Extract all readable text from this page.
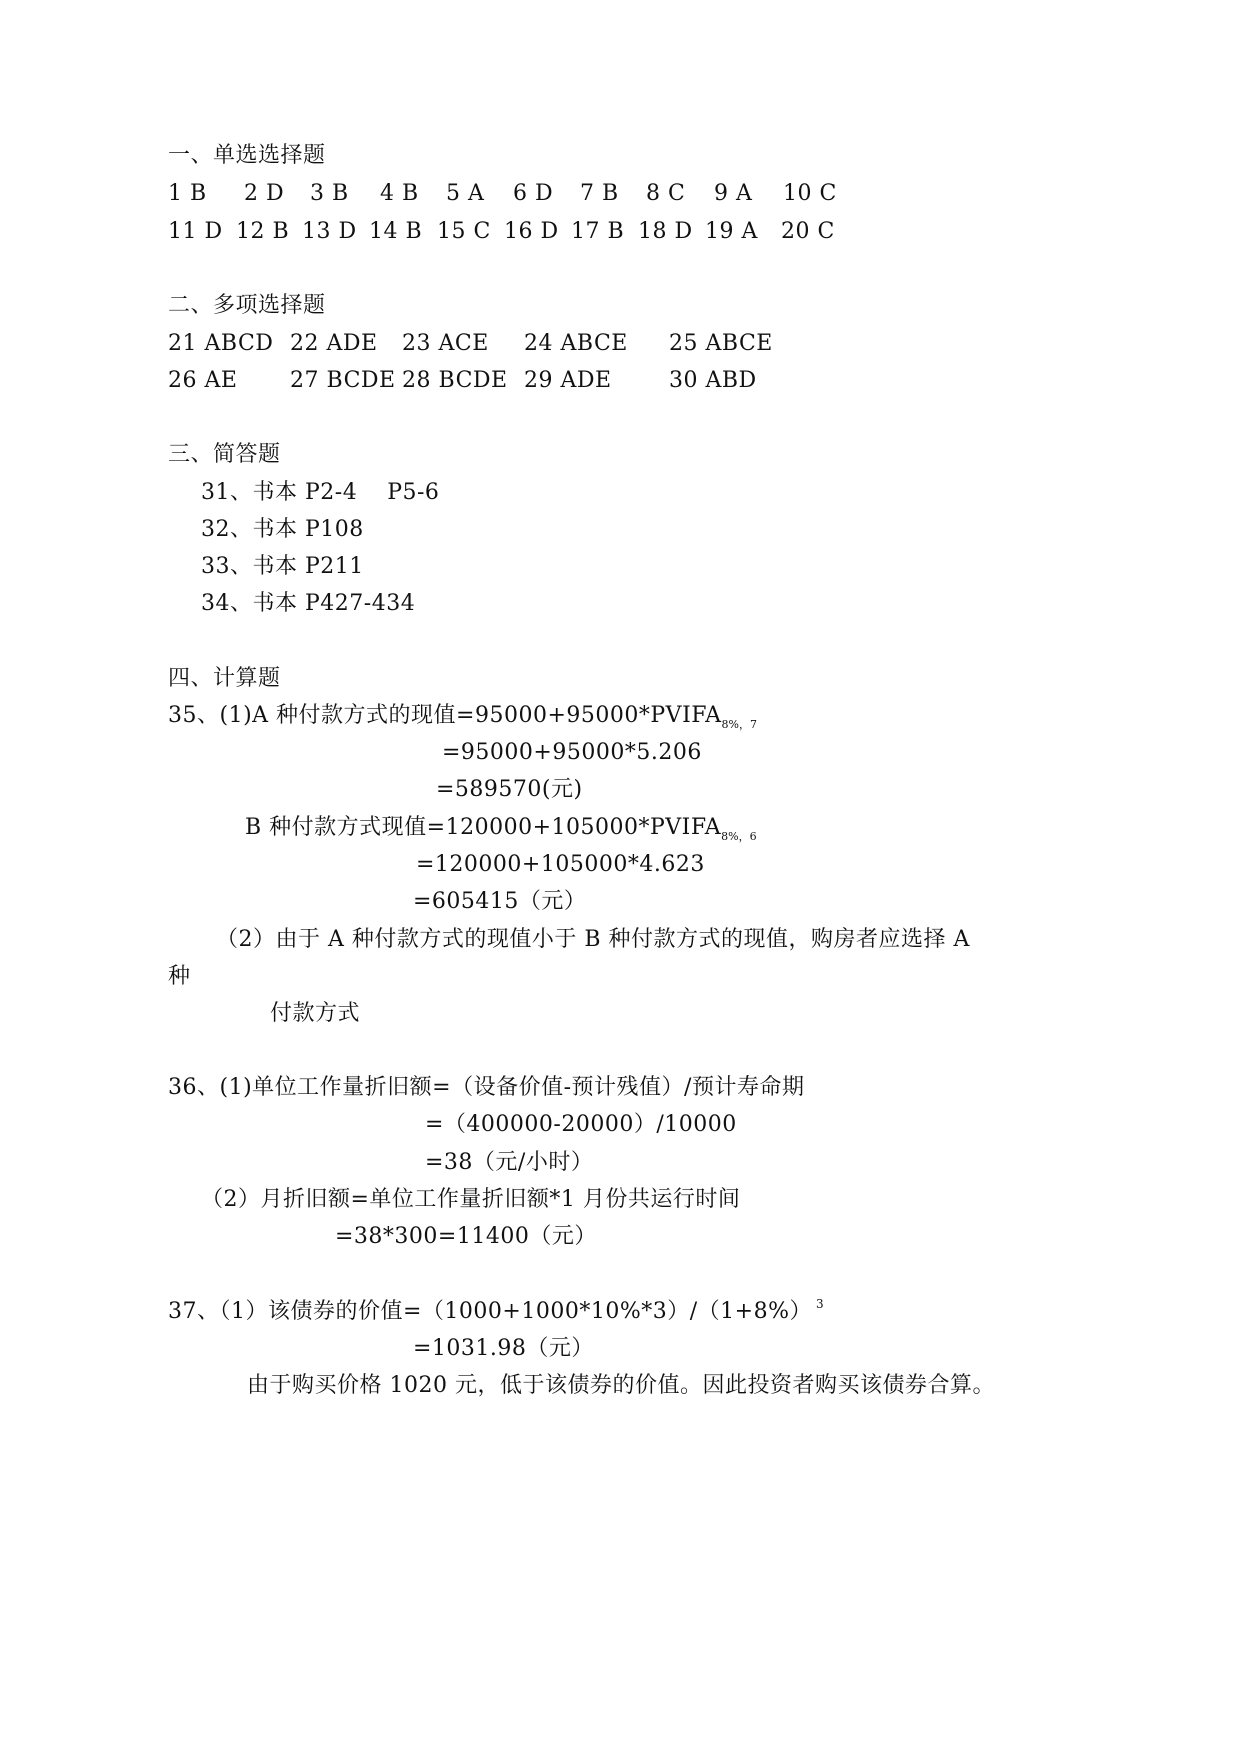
一、单选选择题
1 B 2 D 3 B 4 B 5 A 6 D 7 B 8 C 9 A 10 C
11 D 12 B 13 D 14 B 15 C 16 D 17 B 18 D 19 A 20 C
二、多项选择题
21 ABCD 22 ADE 23 ACE 24 ABCE 25 ABCE
26 AE 27 BCDE 28 BCDE 29 ADE	30 ABD
三、简答题
31、书本 P2-4    P5-6
32、书本 P108
33、书本 P211
34、书本 P427-434
四、计算题
35、(1)A 种付款方式的现值$=95000+95000*PVIFA_{8\%,7}$
=95000+95000*5.206
=589570(元)
B 种付款方式现值$=120000+105000*PVIFA_{8\%,6}$
=120000+105000*4.623
=605415（元）
（2）由于 A 种付款方式的现值小于 B 种付款方式的现值，购房者应选择 A
种
付款方式
36、(1)单位工作量折旧额=（设备价值-预计残值）/预计寿命期
=（400000-20000）/10000
=38（元/小时）
（2）月折旧额=单位工作量折旧额*1 月份共运行时间
=38*300=11400（元）
37、（1）该债券的价值=（1000+1000*10%*3）/（1+8%） $^3$
=1031.98（元）
由于购买价格 1020 元，低于该债券的价值。因此投资者购买该债券合算。
